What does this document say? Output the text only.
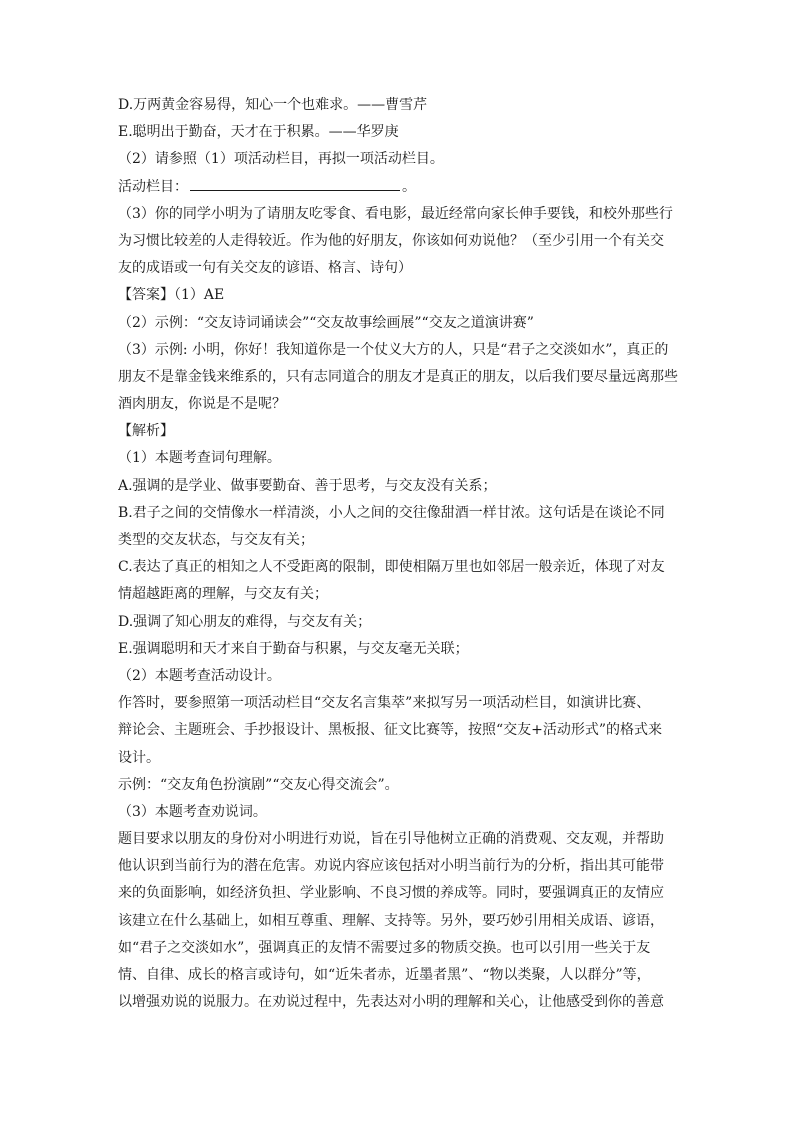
D.万两黄金容易得，知心一个也难求。——曹雪芹
E.聪明出于勤奋，天才在于积累。——华罗庚
（2）请参照（1）项活动栏目，再拟一项活动栏目。
活动栏目：	。
（3）你的同学小明为了请朋友吃零食、看电影，最近经常向家长伸手要钱，和校外那些行
为习惯比较差的人走得较近。作为他的好朋友，你该如何劝说他？（至少引用一个有关交
友的成语或一句有关交友的谚语、格言、诗句）
【答案】（1）AE
（2）示例：“交友诗词诵读会”“交友故事绘画展”“交友之道演讲赛”
（3）示例: 小明，你好！我知道你是一个仗义大方的人，只是“君子之交淡如水”，真正的
朋友不是靠金钱来维系的，只有志同道合的朋友才是真正的朋友，以后我们要尽量远离那些
酒肉朋友，你说是不是呢？
【解析】
（1）本题考查词句理解。
A.强调的是学业、做事要勤奋、善于思考，与交友没有关系；
B.君子之间的交情像水一样清淡，小人之间的交往像甜酒一样甘浓。这句话是在谈论不同
类型的交友状态，与交友有关；
C.表达了真正的相知之人不受距离的限制，即使相隔万里也如邻居一般亲近，体现了对友
情超越距离的理解，与交友有关；
D.强调了知心朋友的难得，与交友有关；
E.强调聪明和天才来自于勤奋与积累，与交友毫无关联；
（2）本题考查活动设计。
作答时，要参照第一项活动栏目“交友名言集萃”来拟写另一项活动栏目，如演讲比赛、
辩论会、主题班会、手抄报设计、黑板报、征文比赛等，按照“交友+活动形式”的格式来
设计。
示例：“交友角色扮演剧”“交友心得交流会”。
（3）本题考查劝说词。
题目要求以朋友的身份对小明进行劝说，旨在引导他树立正确的消费观、交友观，并帮助
他认识到当前行为的潜在危害。劝说内容应该包括对小明当前行为的分析，指出其可能带
来的负面影响，如经济负担、学业影响、不良习惯的养成等。同时，要强调真正的友情应
该建立在什么基础上，如相互尊重、理解、支持等。另外，要巧妙引用相关成语、谚语，
如“君子之交淡如水”，强调真正的友情不需要过多的物质交换。也可以引用一些关于友
情、自律、成长的格言或诗句，如“近朱者赤，近墨者黑”、“物以类聚，人以群分”等，
以增强劝说的说服力。在劝说过程中，先表达对小明的理解和关心，让他感受到你的善意
